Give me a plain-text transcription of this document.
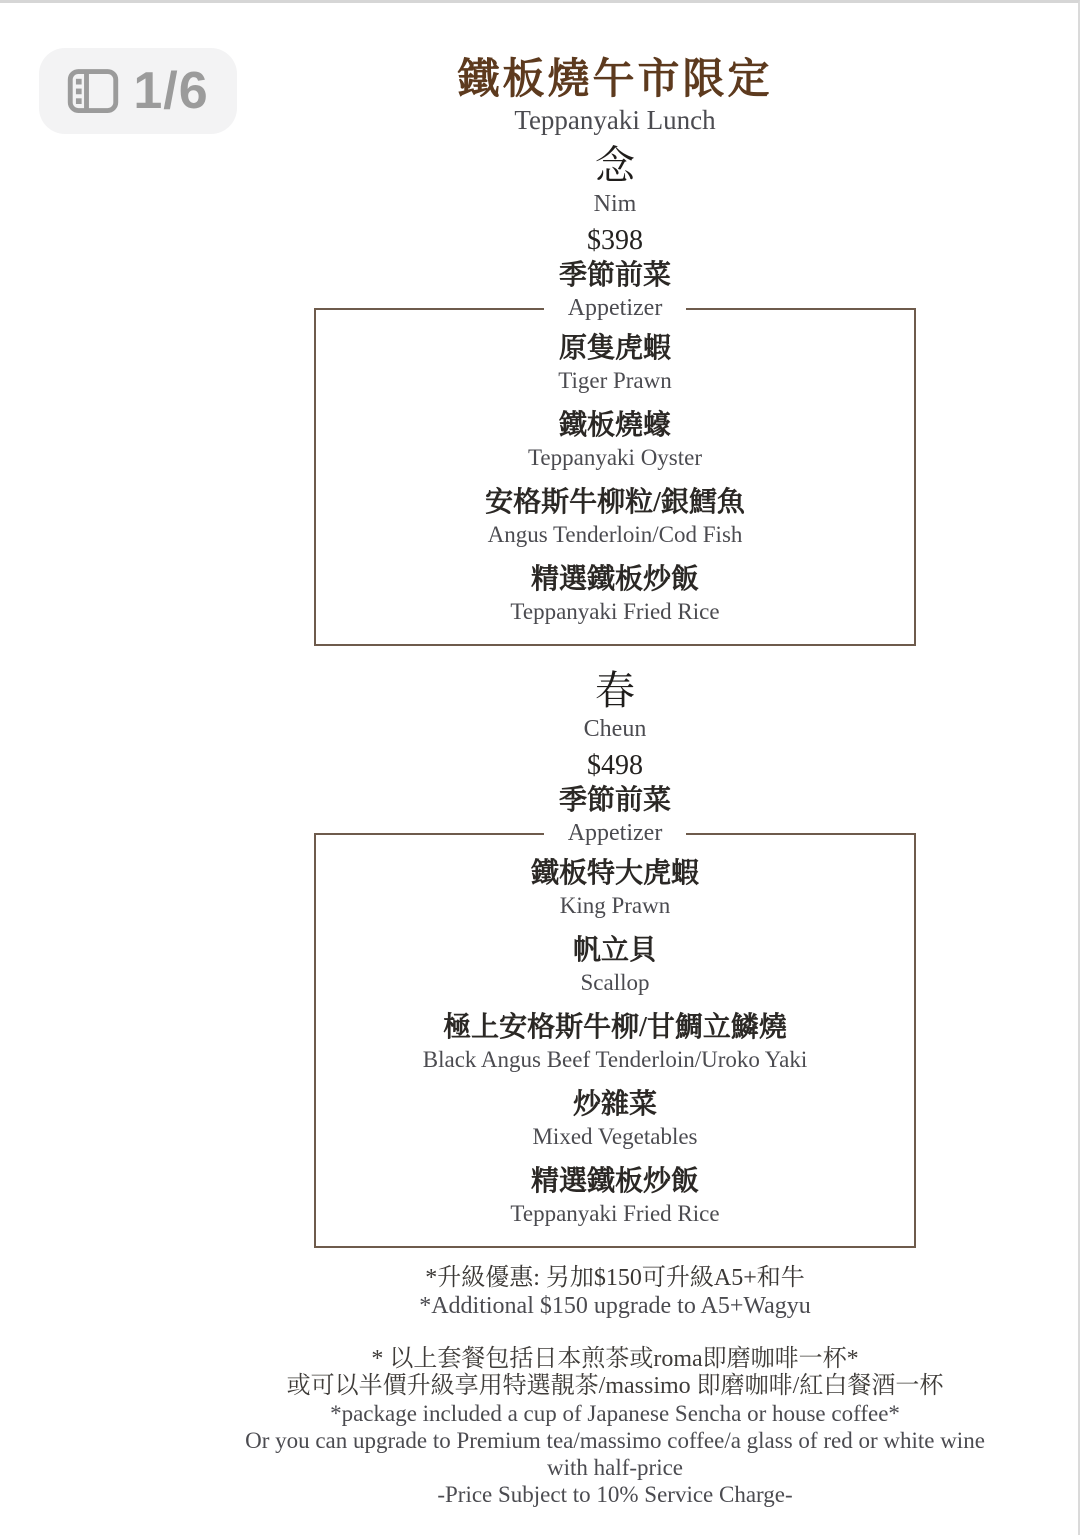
1/6	鐵板燒午市限定
Teppanyaki Lunch
念
Nim
$398
季節前菜
Appetizer
原隻虎蝦
Tiger Prawn
鐵板燒蠔
Teppanyaki Oyster
安格斯牛柳粒/銀鱈魚
Angus Tenderloin/Cod Fish
精選鐵板炒飯
Teppanyaki Fried Rice
春
Cheun
$498
季節前菜
Appetizer
鐵板特大虎蝦
King Prawn
帆立貝
Scallop
極上安格斯牛柳/甘鯛立鱗燒
Black Angus Beef Tenderloin/Uroko Yaki
炒雜菜
Mixed Vegetables
精選鐵板炒飯
Teppanyaki Fried Rice
*升級優惠: 另加$150可升級A5+和牛
*Additional $150 upgrade to A5+Wagyu
* 以上套餐包括日本煎茶或roma即磨咖啡一杯*
或可以半價升級享用特選靚茶/massimo 即磨咖啡/紅白餐酒一杯
*package included a cup of Japanese Sencha or house coffee*
Or you can upgrade to Premium tea/massimo coffee/a glass of red or white wine
with half-price
-Price Subject to 10% Service Charge-
